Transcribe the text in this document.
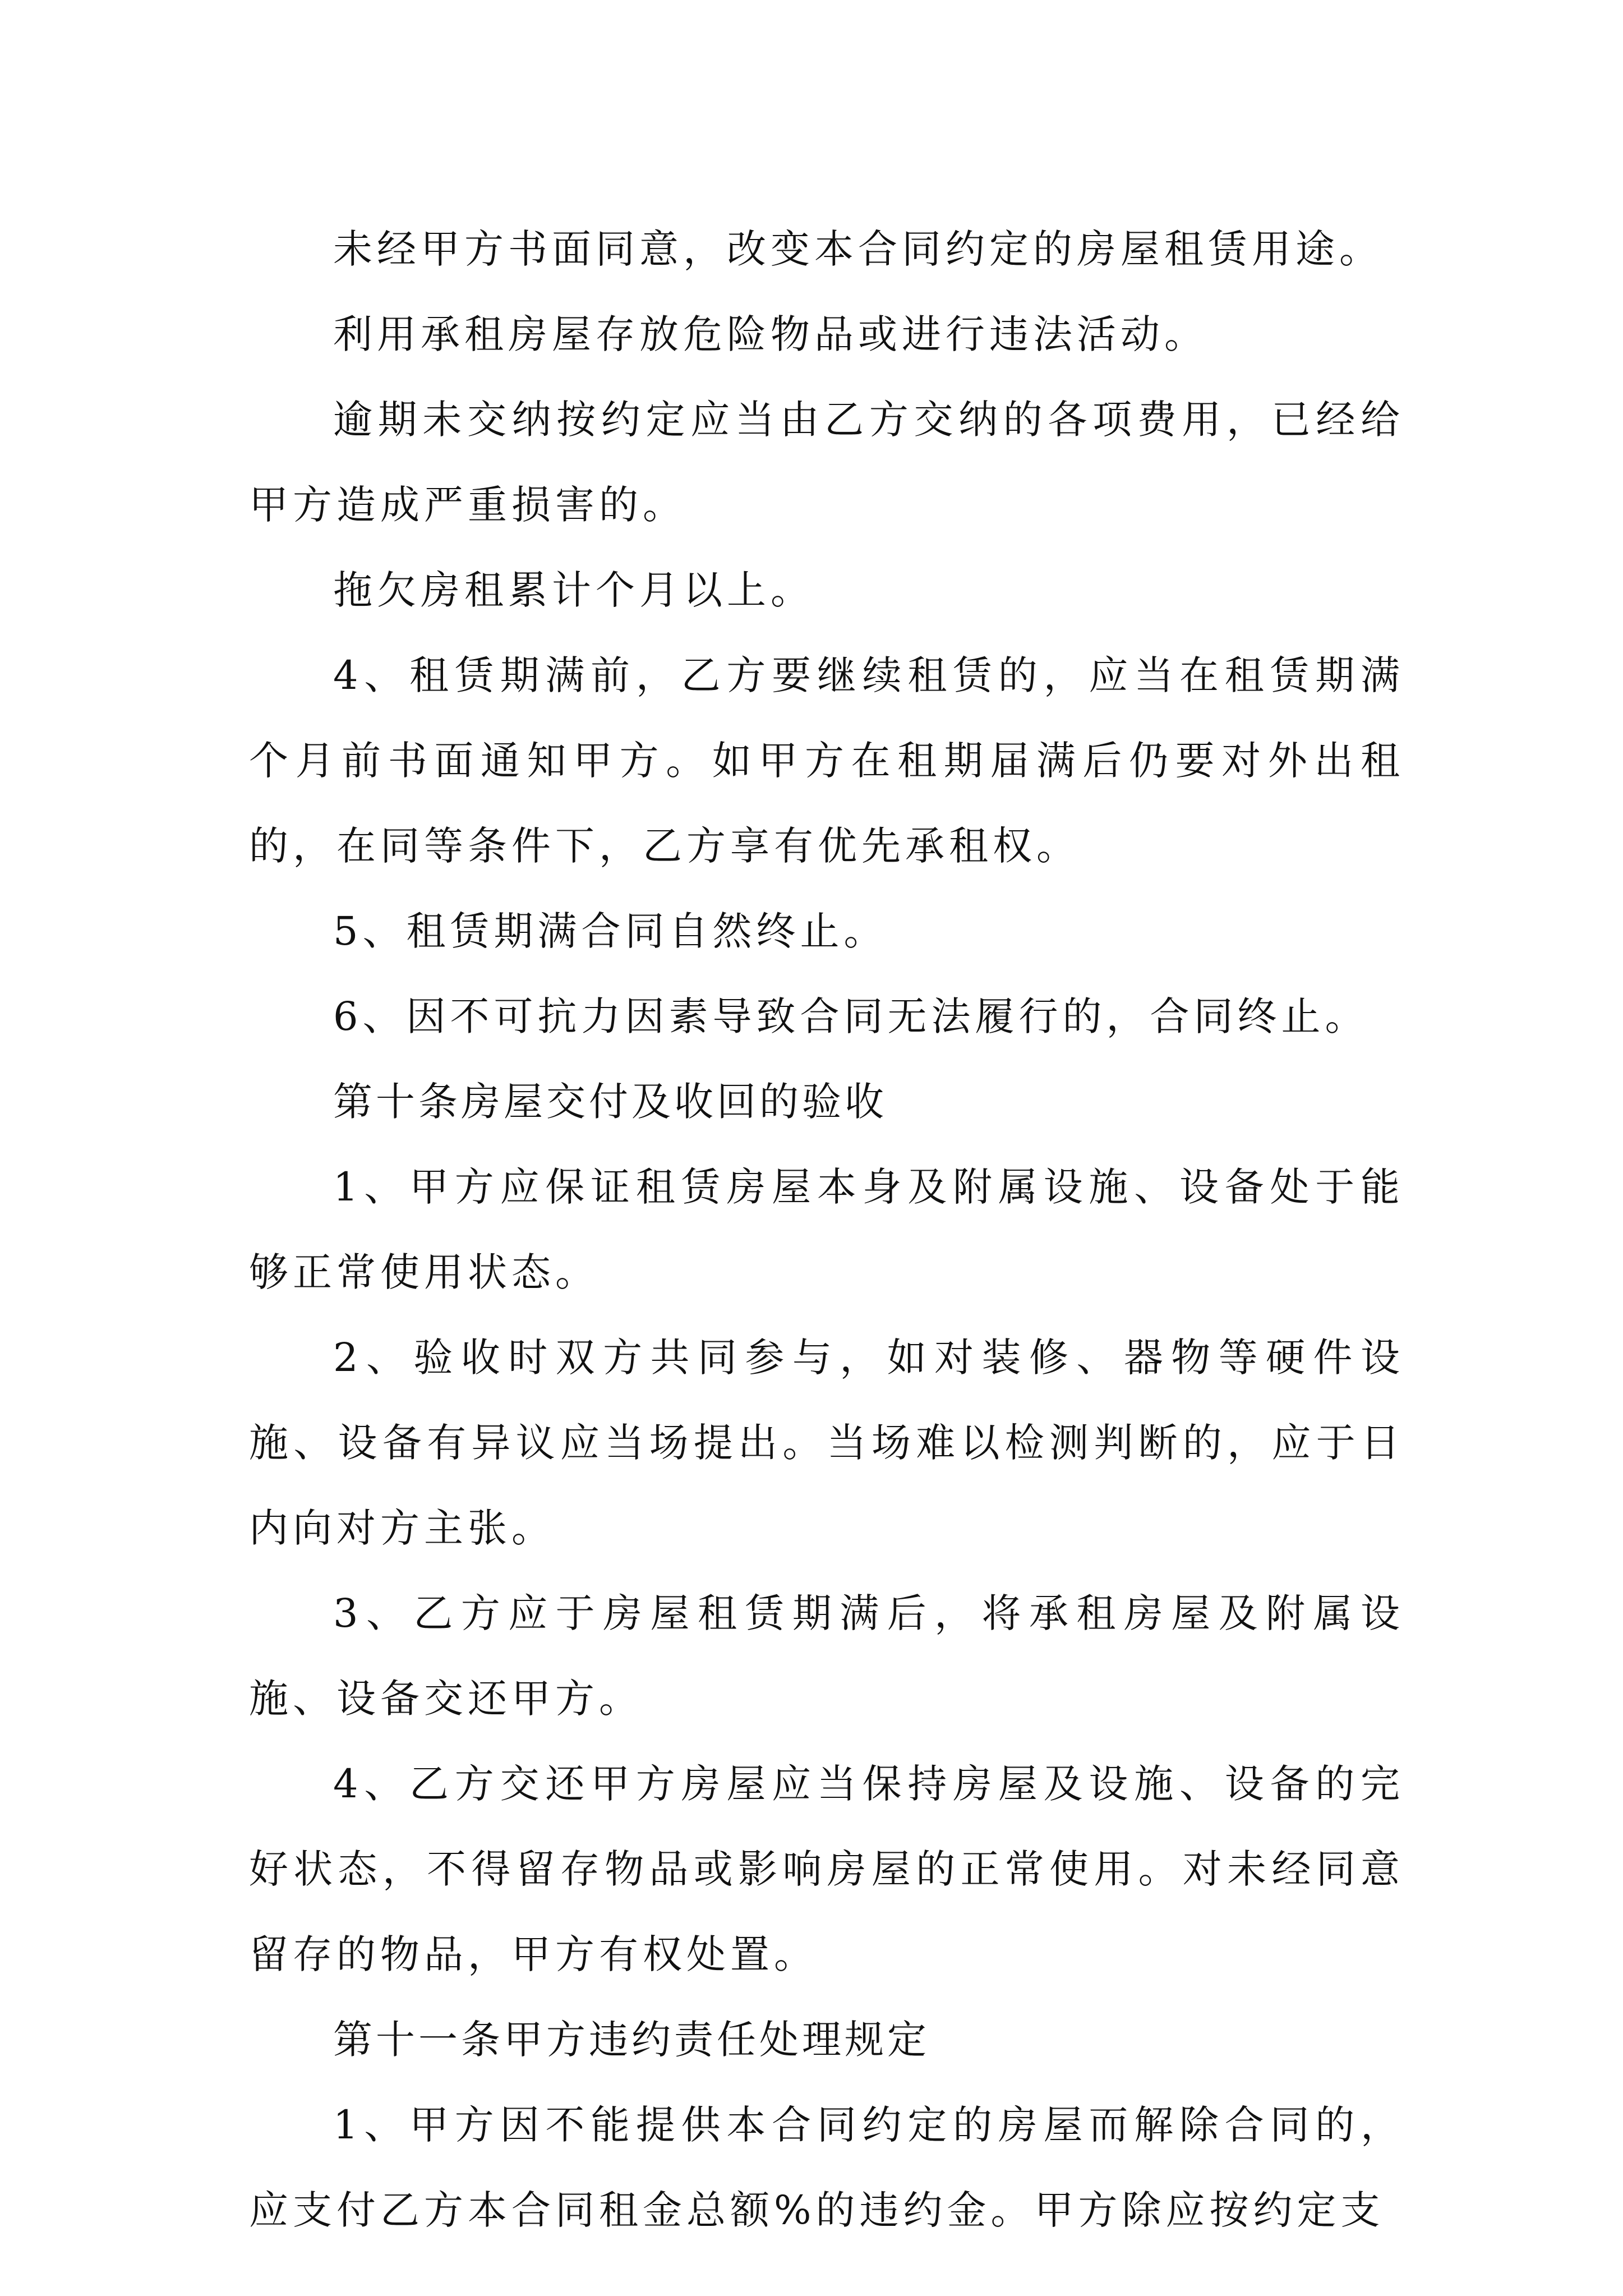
未经甲方书面同意，改变本合同约定的房屋租赁用途。

利用承租房屋存放危险物品或进行违法活动。

逾期未交纳按约定应当由乙方交纳的各项费用，已经给甲方造成严重损害的。

拖欠房租累计个月以上。

4、租赁期满前，乙方要继续租赁的，应当在租赁期满个月前书面通知甲方。如甲方在租期届满后仍要对外出租的，在同等条件下，乙方享有优先承租权。

5、租赁期满合同自然终止。

6、因不可抗力因素导致合同无法履行的，合同终止。

第十条房屋交付及收回的验收

1、甲方应保证租赁房屋本身及附属设施、设备处于能够正常使用状态。

2、验收时双方共同参与，如对装修、器物等硬件设施、设备有异议应当场提出。当场难以检测判断的，应于日内向对方主张。

3、乙方应于房屋租赁期满后，将承租房屋及附属设施、设备交还甲方。

4、乙方交还甲方房屋应当保持房屋及设施、设备的完好状态，不得留存物品或影响房屋的正常使用。对未经同意留存的物品，甲方有权处置。

第十一条甲方违约责任处理规定

1、甲方因不能提供本合同约定的房屋而解除合同的，应支付乙方本合同租金总额%的违约金。甲方除应按约定支
